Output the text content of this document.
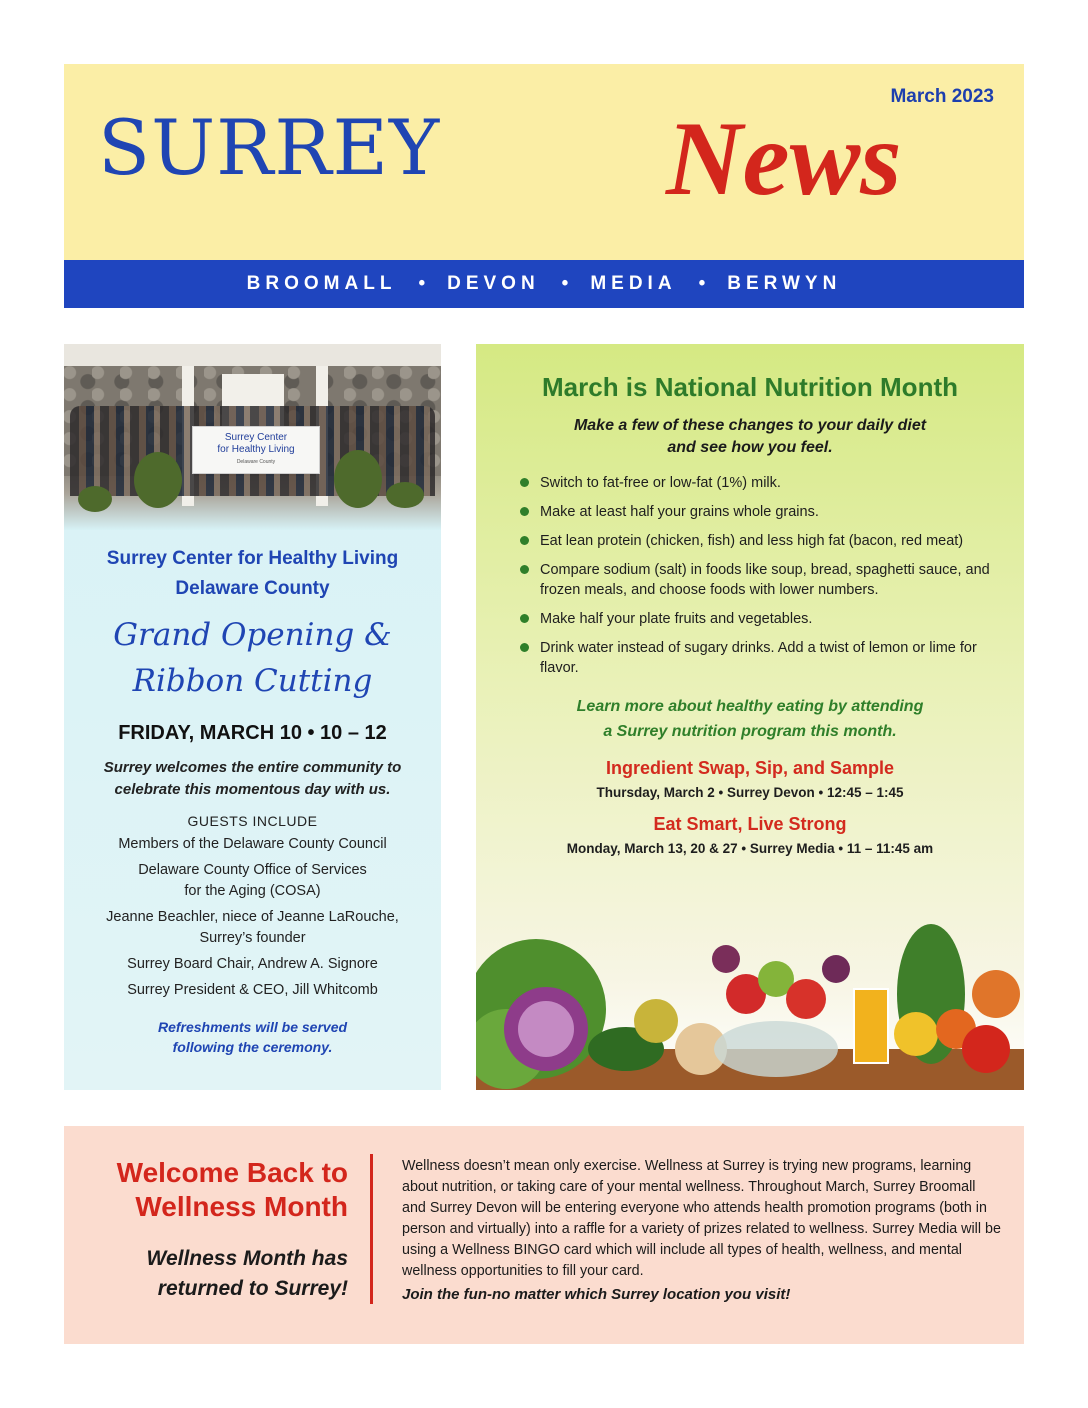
March 2023
surrey News
BROOMALL • DEVON • MEDIA • BERWYN
Surrey Center
for Healthy Living
Delaware County
Surrey Center for Healthy Living
Delaware County
Grand Opening &
Ribbon Cutting
FRIDAY, MARCH 10 • 10 – 12
Surrey welcomes the entire community to
celebrate this momentous day with us.
GUESTS INCLUDE
Members of the Delaware County Council
Delaware County Office of Services
for the Aging (COSA)
Jeanne Beachler, niece of Jeanne LaRouche,
Surrey’s founder
Surrey Board Chair, Andrew A. Signore
Surrey President & CEO, Jill Whitcomb
Refreshments will be served
following the ceremony.
March is National Nutrition Month
Make a few of these changes to your daily diet
and see how you feel.
Switch to fat-free or low-fat (1%) milk.
Make at least half your grains whole grains.
Eat lean protein (chicken, fish) and less high fat (bacon, red meat)
Compare sodium (salt) in foods like soup, bread, spaghetti sauce, and frozen meals, and choose foods with lower numbers.
Make half your plate fruits and vegetables.
Drink water instead of sugary drinks. Add a twist of lemon or lime for flavor.
Learn more about healthy eating by attending
a Surrey nutrition program this month.
Ingredient Swap, Sip, and Sample
Thursday, March 2 • Surrey Devon • 12:45 – 1:45
Eat Smart, Live Strong
Monday, March 13, 20 & 27 • Surrey Media • 11 – 11:45 am
Welcome Back to
Wellness Month
Wellness Month has
returned to Surrey!
Wellness doesn’t mean only exercise. Wellness at Surrey is trying new programs, learning about nutrition, or taking care of your mental wellness. Throughout March, Surrey Broomall and Surrey Devon will be entering everyone who attends health promotion programs (both in person and virtually) into a raffle for a variety of prizes related to wellness. Surrey Media will be using a Wellness BINGO card which will include all types of health, wellness, and mental wellness opportunities to fill your card.
Join the fun-no matter which Surrey location you visit!
